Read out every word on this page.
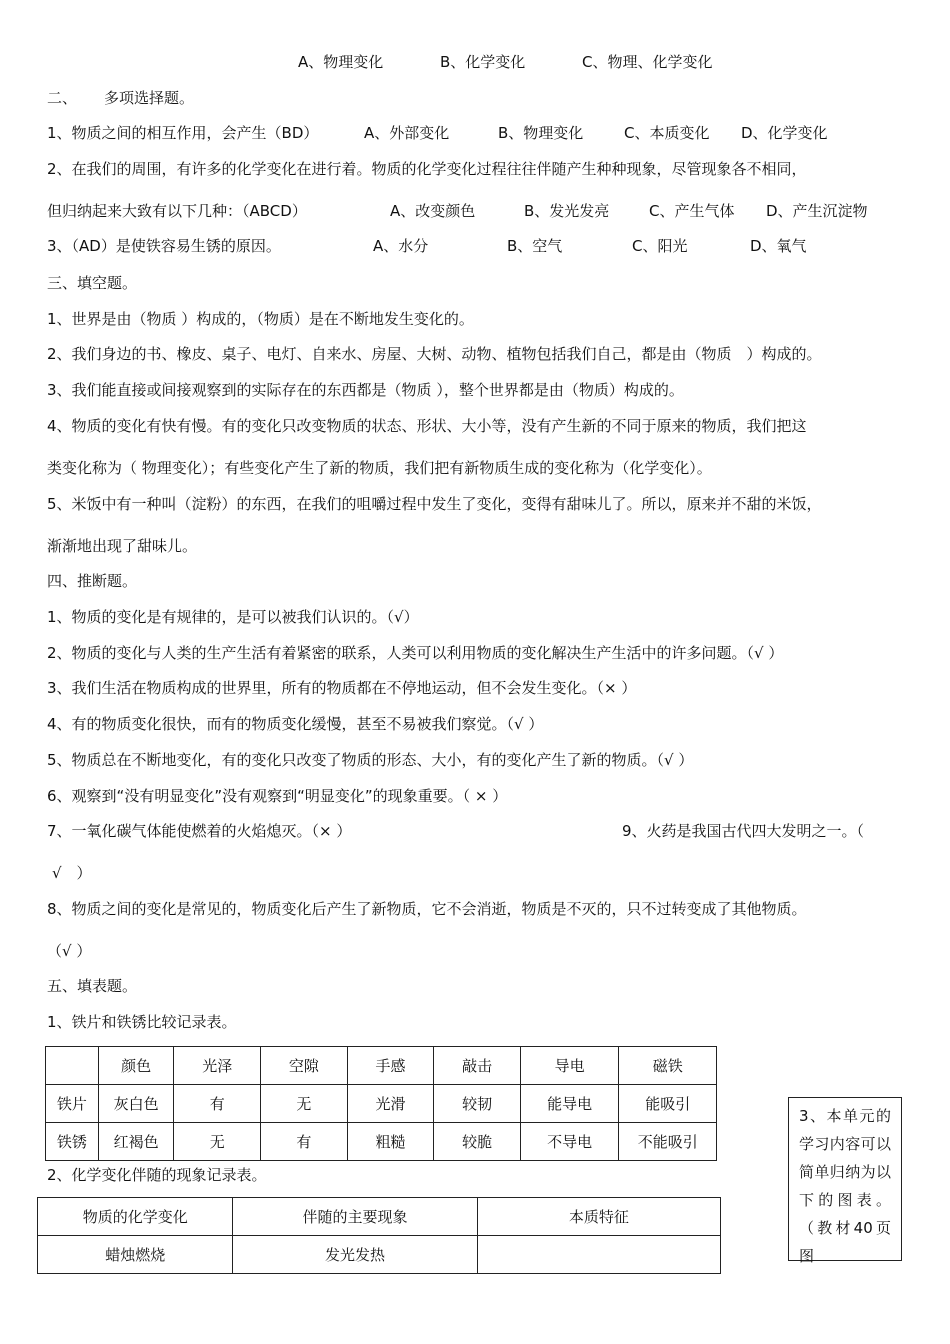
A、物理变化	B、化学变化	C、物理、化学变化
二、 多项选择题。
1、物质之间的相互作用，会产生（BD）	A、外部变化	B、物理变化	C、本质变化 D、化学变化
2、在我们的周围，有许多的化学变化在进行着。物质的化学变化过程往往伴随产生种种现象，尽管现象各不相同，
但归纳起来大致有以下几种：（ABCD）	A、改变颜色	B、发光发亮	C、产生气体 D、产生沉淀物
3、（AD）是使铁容易生锈的原因。	A、水分	B、空气	C、阳光	D、氧气
三、填空题。
1、世界是由（物质 ）构成的，（物质）是在不断地发生变化的。
2、我们身边的书、橡皮、桌子、电灯、自来水、房屋、大树、动物、植物包括我们自己，都是由（物质　）构成的。
3、我们能直接或间接观察到的实际存在的东西都是（物质 ），整个世界都是由（物质）构成的。
4、物质的变化有快有慢。有的变化只改变物质的状态、形状、大小等，没有产生新的不同于原来的物质，我们把这
类变化称为（ 物理变化）；有些变化产生了新的物质，我们把有新物质生成的变化称为（化学变化）。
5、米饭中有一种叫（淀粉）的东西，在我们的咀嚼过程中发生了变化，变得有甜味儿了。所以，原来并不甜的米饭，
渐渐地出现了甜味儿。
四、推断题。
1、物质的变化是有规律的，是可以被我们认识的。（√）
2、物质的变化与人类的生产生活有着紧密的联系，人类可以利用物质的变化解决生产生活中的许多问题。（√ ）
3、我们生活在物质构成的世界里，所有的物质都在不停地运动，但不会发生变化。（× ）
4、有的物质变化很快，而有的物质变化缓慢，甚至不易被我们察觉。（√ ）
5、物质总在不断地变化，有的变化只改变了物质的形态、大小，有的变化产生了新的物质。（√ ）
6、观察到“没有明显变化”没有观察到“明显变化”的现象重要。（ × ）
7、一氧化碳气体能使燃着的火焰熄灭。（× ）	9、火药是我国古代四大发明之一。（
√　）
8、物质之间的变化是常见的，物质变化后产生了新物质，它不会消逝，物质是不灭的，只不过转变成了其他物质。
（√ ）
五、填表题。
1、铁片和铁锈比较记录表。
	颜色	光泽	空隙	手感	敲击	导电	磁铁
铁片	灰白色	有	无	光滑	较韧	能导电	能吸引
铁锈	红褐色	无	有	粗糙	较脆	不导电	不能吸引
2、化学变化伴随的现象记录表。
物质的化学变化	伴随的主要现象	本质特征
蜡烛燃烧	发光发热	
3、本单元的学习内容可以简单归纳为以下的图表。（教材40页图
